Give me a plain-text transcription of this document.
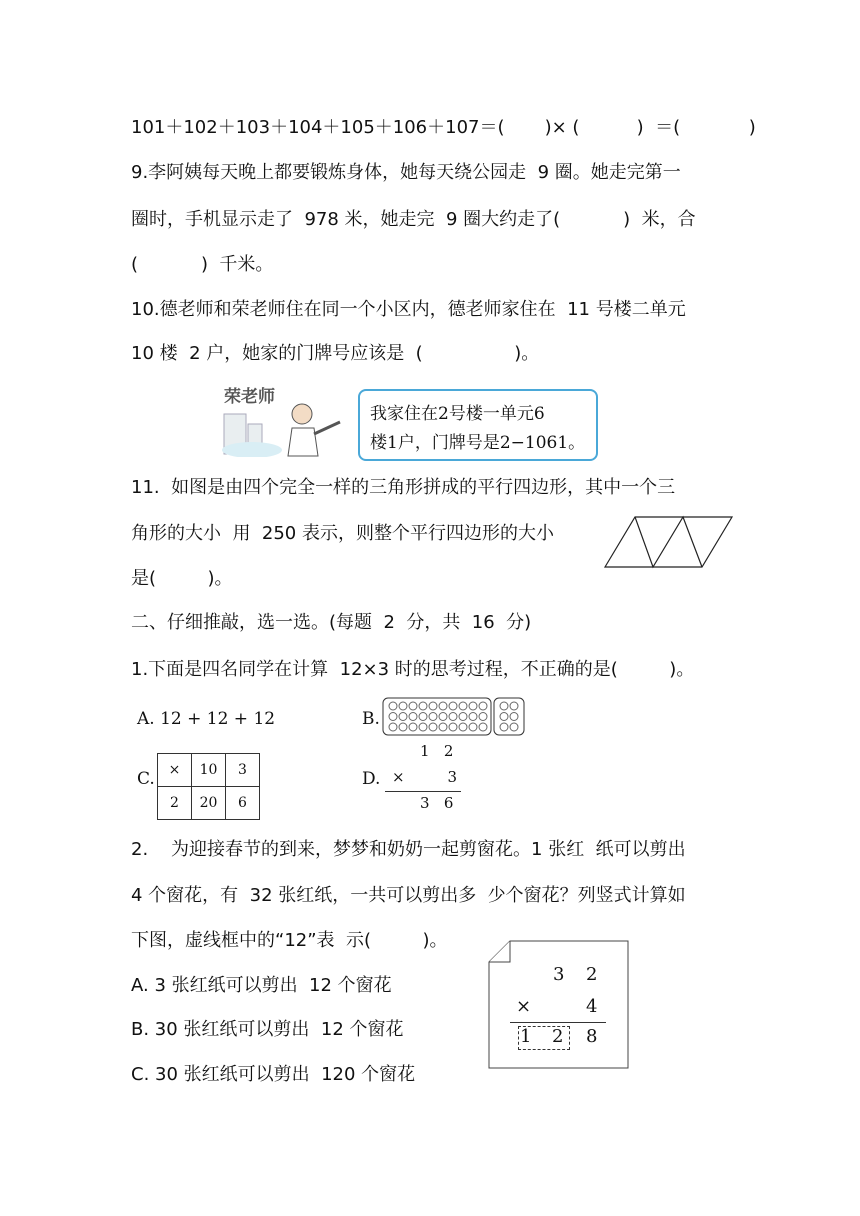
101＋102＋103＋104＋105＋106＋107＝(       )× (          )  ＝(            )
9.李阿姨每天晚上都要锻炼身体，她每天绕公园走  9 圈。她走完第一
圈时，手机显示走了  978 米，她走完  9 圈大约走了(           )  米，合
(           )  千米。
10.德老师和荣老师住在同一个小区内，德老师家住在  11 号楼二单元
10 楼  2 户，她家的门牌号应该是  (                )。
荣老师
我家住在2号楼一单元6
楼1户，门牌号是2−1061。
11.  如图是由四个完全一样的三角形拼成的平行四边形，其中一个三
角形的大小  用  250 表示，则整个平行四边形的大小
是(         )。
二、仔细推敲，选一选。(每题  2  分，共  16  分)
1.下面是四名同学在计算  12×3 时的思考过程，不正确的是(         )。
A. 12 + 12 + 12	B.
C. ×	10	3
2	20	6
D.
1   2
×         3
3   6
2.    为迎接春节的到来，梦梦和奶奶一起剪窗花。1 张红  纸可以剪出
4 个窗花，有  32 张红纸，一共可以剪出多  少个窗花？列竖式计算如
下图，虚线框中的“12”表  示(         )。
A. 3 张红纸可以剪出  12 个窗花
B. 30 张红纸可以剪出  12 个窗花
C. 30 张红纸可以剪出  120 个窗花
3 2
×	4
1 2 8
